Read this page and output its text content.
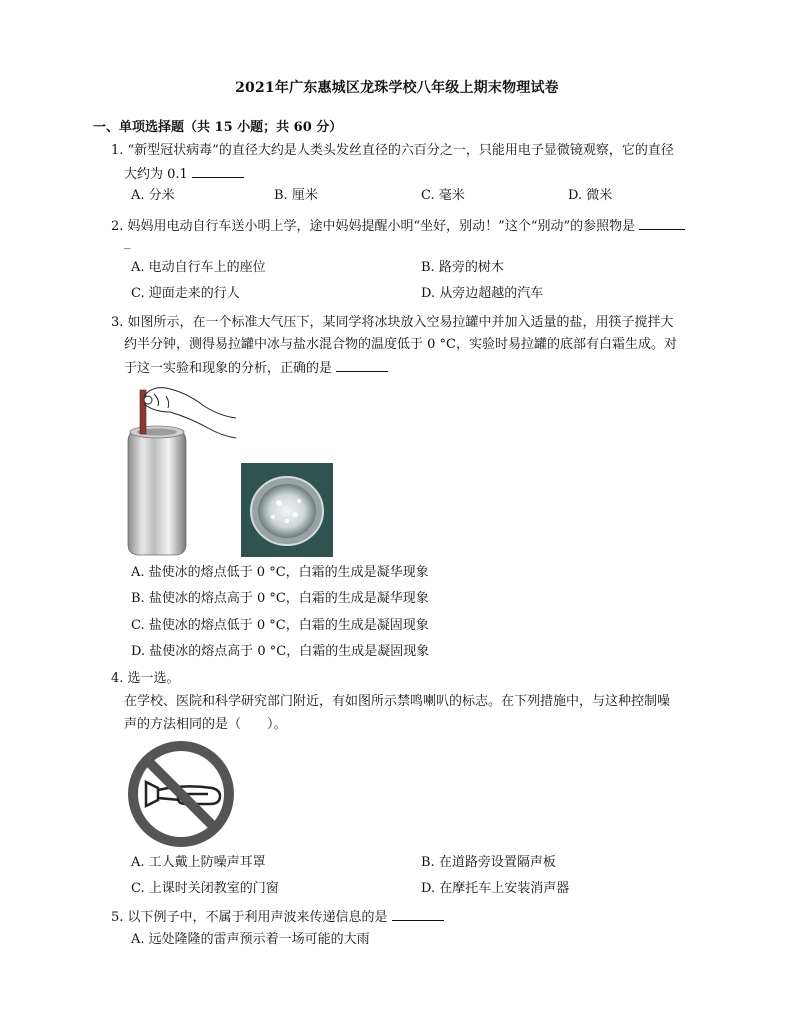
2021年广东惠城区龙珠学校八年级上期末物理试卷
一、单项选择题（共 15 小题；共 60 分）
1. “新型冠状病毒”的直径大约是人类头发丝直径的六百分之一，只能用电子显微镜观察，它的直径
大约为 0.1
A. 分米	B. 厘米	C. 毫米	D. 微米
2. 妈妈用电动自行车送小明上学，途中妈妈提醒小明“坐好，别动！”这个“别动”的参照物是
_
A. 电动自行车上的座位	B. 路旁的树木
C. 迎面走来的行人	D. 从旁边超越的汽车
3. 如图所示，在一个标准大气压下，某同学将冰块放入空易拉罐中并加入适量的盐，用筷子搅拌大
约半分钟，测得易拉罐中冰与盐水混合物的温度低于 0 °C，实验时易拉罐的底部有白霜生成。对
于这一实验和现象的分析，正确的是
A. 盐使冰的熔点低于 0 °C，白霜的生成是凝华现象
B. 盐使冰的熔点高于 0 °C，白霜的生成是凝华现象
C. 盐使冰的熔点低于 0 °C，白霜的生成是凝固现象
D. 盐使冰的熔点高于 0 °C，白霜的生成是凝固现象
4. 选一选。
在学校、医院和科学研究部门附近，有如图所示禁鸣喇叭的标志。在下列措施中，与这种控制噪
声的方法相同的是（　　）。
A. 工人戴上防噪声耳罩	B. 在道路旁设置隔声板
C. 上课时关闭教室的门窗	D. 在摩托车上安装消声器
5. 以下例子中，不属于利用声波来传递信息的是
A. 远处隆隆的雷声预示着一场可能的大雨
